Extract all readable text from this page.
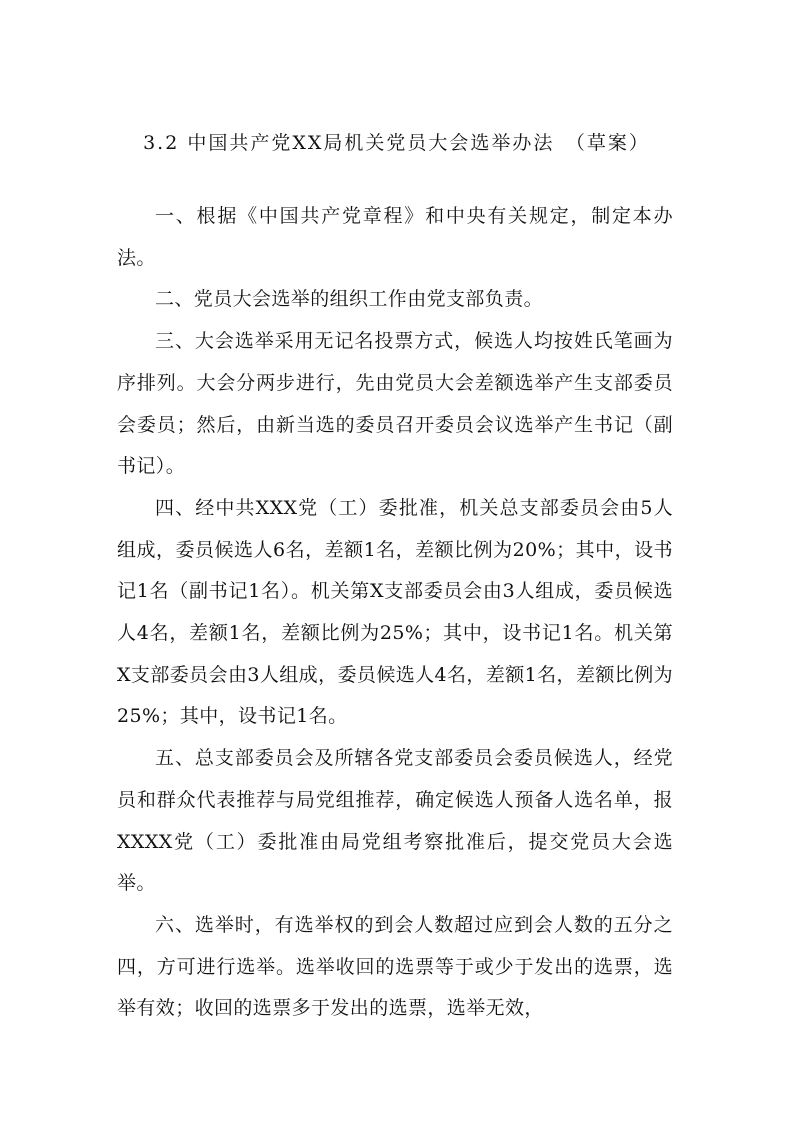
3.2 中国共产党XX局机关党员大会选举办法　（草案）

一、根据《中国共产党章程》和中央有关规定，制定本办法。

二、党员大会选举的组织工作由党支部负责。

三、大会选举采用无记名投票方式，候选人均按姓氏笔画为序排列。大会分两步进行，先由党员大会差额选举产生支部委员会委员；然后，由新当选的委员召开委员会议选举产生书记（副书记）。

四、经中共XXX党（工）委批准，机关总支部委员会由5人组成，委员候选人6名，差额1名，差额比例为20%；其中，设书记1名（副书记1名）。机关第X支部委员会由3人组成，委员候选人4名，差额1名，差额比例为25%；其中，设书记1名。机关第X支部委员会由3人组成，委员候选人4名，差额1名，差额比例为25%；其中，设书记1名。

五、总支部委员会及所辖各党支部委员会委员候选人，经党员和群众代表推荐与局党组推荐，确定候选人预备人选名单，报XXXX党（工）委批准由局党组考察批准后，提交党员大会选举。

六、选举时，有选举权的到会人数超过应到会人数的五分之四，方可进行选举。选举收回的选票等于或少于发出的选票，选举有效；收回的选票多于发出的选票，选举无效，
